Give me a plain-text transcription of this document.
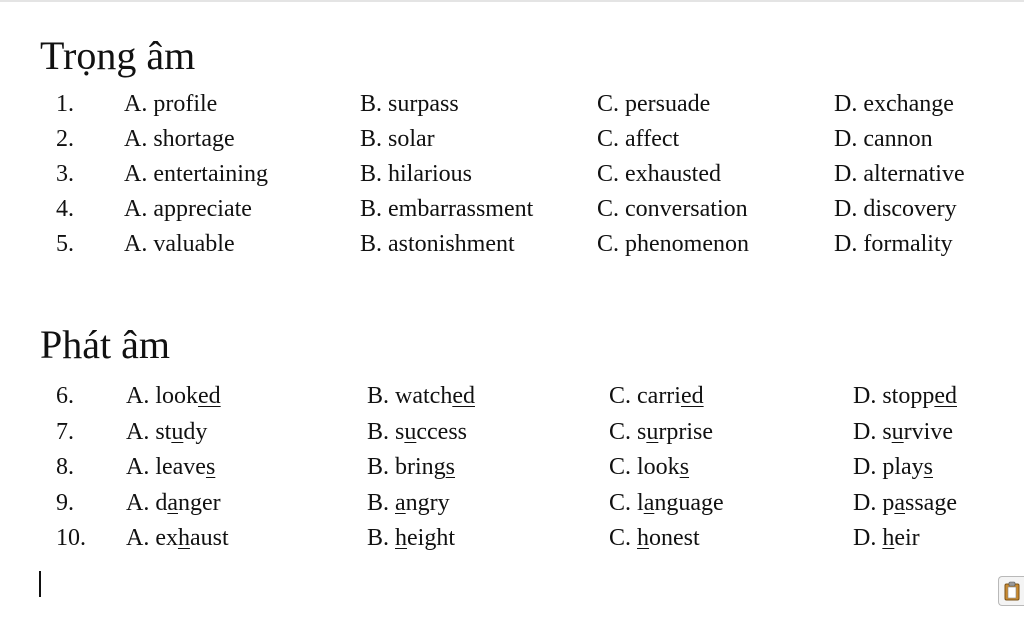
Trọng âm
1. A. profile	B. surpass	C. persuade	D. exchange
2. A. shortage	B. solar	C. affect	D. cannon
3. A. entertaining	B. hilarious	C. exhausted	D. alternative
4. A. appreciate	B. embarrassment	C. conversation	D. discovery
5. A. valuable	B. astonishment	C. phenomenon	D. formality
Phát âm
6. A. looked	B. watched	C. carried	D. stopped
7. A. study	B. success	C. surprise	D. survive
8. A. leaves	B. brings	C. looks	D. plays
9. A. danger	B. angry	C. language	D. passage
10. A. exhaust	B. height	C. honest	D. heir
